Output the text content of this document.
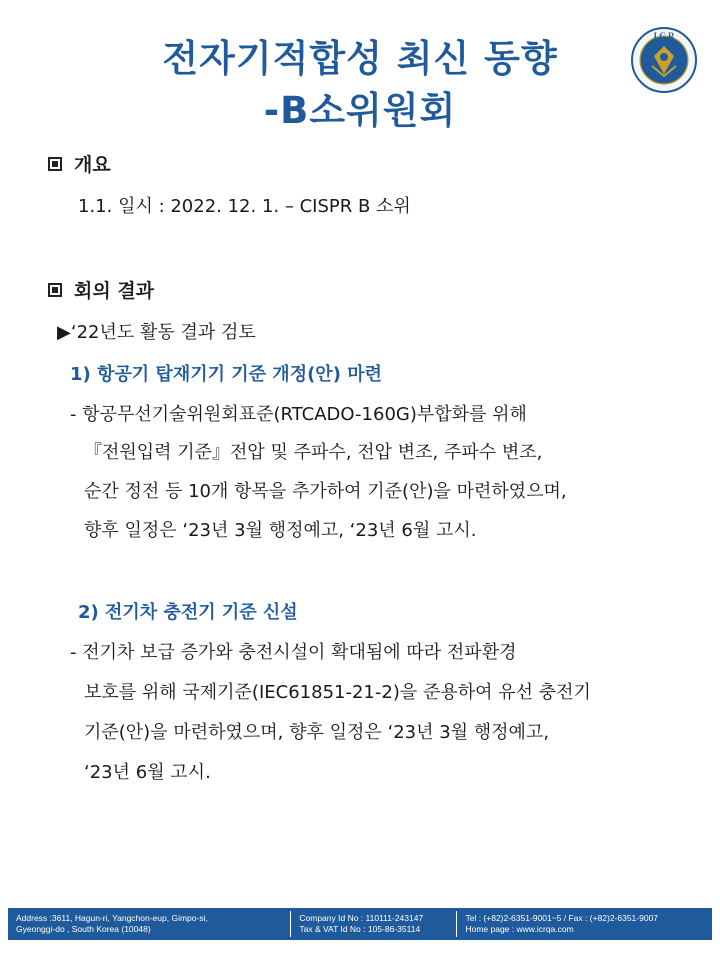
전자기적합성 최신 동향
-B소위원회
I C R
개요
1.1. 일시 : 2022. 12. 1. – CISPR B 소위
회의 결과
▶‘22년도 활동 결과 검토
1) 항공기 탑재기기 기준 개정(안) 마련
- 항공무선기술위원회표준(RTCADO-160G)부합화를 위해
『전원입력 기준』전압 및 주파수, 전압 변조, 주파수 변조,
순간 정전 등 10개 항목을 추가하여 기준(안)을 마련하였으며,
향후 일정은 ‘23년 3월 행정예고, ‘23년 6월 고시.
2) 전기차 충전기 기준 신설
- 전기차 보급 증가와 충전시설이 확대됨에 따라 전파환경
보호를 위해 국제기준(IEC61851-21-2)을 준용하여 유선 충전기
기준(안)을 마련하였으며, 향후 일정은 ‘23년 3월 행정예고,
‘23년 6월 고시.
Address :3611, Hagun-ri, Yangchon-eup, Gimpo-si,
Gyeonggi-do , South Korea (10048)
Company Id No : 110111-243147
Tax & VAT Id No : 105-86-35114
Tel : (+82)2-6351-9001~5 / Fax : (+82)2-6351-9007
Home page : www.icrqa.com
